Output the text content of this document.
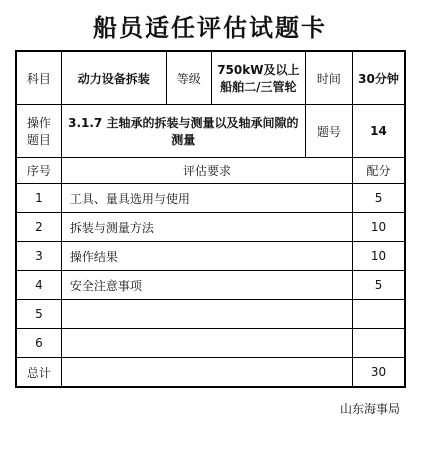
船员适任评估试题卡
科目	动力设备拆装	等级	750kW及以上船舶二/三管轮	时间	30分钟
操作题目	3.1.7 主轴承的拆装与测量以及轴承间隙的测量			题号	14
序号	评估要求				配分
1	工具、量具选用与使用				5
2	拆装与测量方法				10
3	操作结果				10
4	安全注意事项				5
5					
6					
总计					30
山东海事局
